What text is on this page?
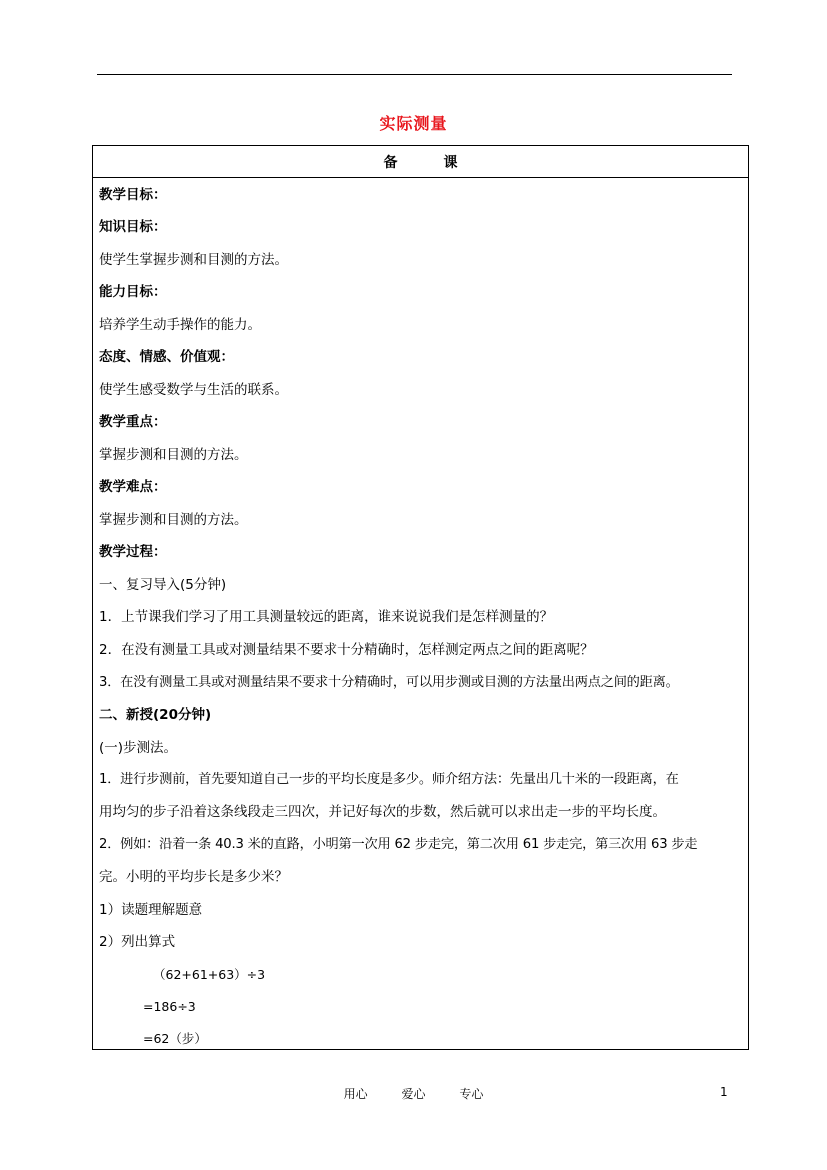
实际测量
备	课
教学目标：
知识目标：
使学生掌握步测和目测的方法。
能力目标：
培养学生动手操作的能力。
态度、情感、价值观：
使学生感受数学与生活的联系。
教学重点：
掌握步测和目测的方法。
教学难点：
掌握步测和目测的方法。
教学过程：
一、复习导入(5分钟)
1．上节课我们学习了用工具测量较远的距离，谁来说说我们是怎样测量的？
2．在没有测量工具或对测量结果不要求十分精确时，怎样测定两点之间的距离呢？
3．在没有测量工具或对测量结果不要求十分精确时，可以用步测或目测的方法量出两点之间的距离。
二、新授(20分钟)
(一)步测法。
1．进行步测前，首先要知道自己一步的平均长度是多少。师介绍方法：先量出几十米的一段距离，在
用均匀的步子沿着这条线段走三四次，并记好每次的步数，然后就可以求出走一步的平均长度。
2．例如：沿着一条 40.3 米的直路，小明第一次用 62 步走完，第二次用 61 步走完，第三次用 63 步走
完。小明的平均步长是多少米？
1）读题理解题意
2）列出算式
（62+61+63）÷3
=186÷3
=62（步）
用心	爱心	专心	1
